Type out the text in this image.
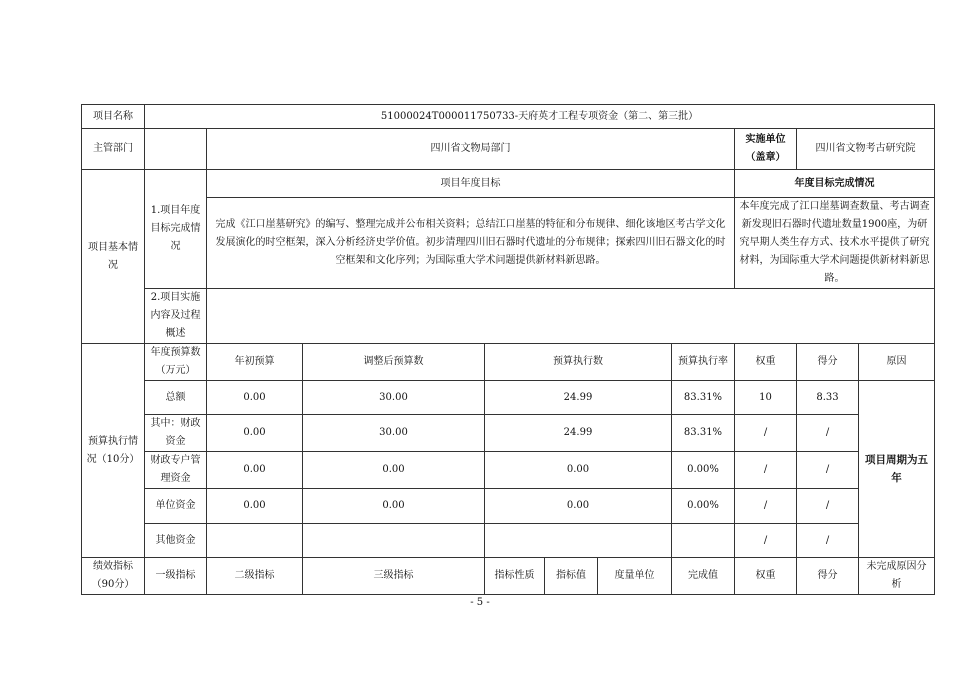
项目名称	51000024T000011750733-天府英才工程专项资金（第二、第三批）									
主管部门		四川省文物局部门						实施单位（盖章）	四川省文物考古研究院	
项目基本情况	1.项目年度目标完成情况	项目年度目标						年度目标完成情况		
		完成《江口崖墓研究》的编写、整理完成并公布相关资料；总结江口崖墓的特征和分布规律、细化该地区考古学文化发展演化的时空框架，深入分析经济史学价值。初步清理四川旧石器时代遗址的分布规律；探索四川旧石器文化的时空框架和文化序列；为国际重大学术问题提供新材料新思路。						本年度完成了江口崖墓调查数量、考古调查新发现旧石器时代遗址数量1900座，为研究早期人类生存方式、技术水平提供了研究材料，为国际重大学术问题提供新材料新思路。		
	2.项目实施内容及过程概述									
预算执行情况（10分）	年度预算数（万元）	年初预算	调整后预算数	预算执行数			预算执行率	权重	得分	原因
	总额	0.00	30.00	24.99			83.31%	10	8.33	项目周期为五年
	其中：财政资金	0.00	30.00	24.99			83.31%	/	/	
	财政专户管理资金	0.00	0.00	0.00			0.00%	/	/	
	单位资金	0.00	0.00	0.00			0.00%	/	/	
	其他资金							/	/	
绩效指标（90分）	一级指标	二级指标	三级指标	指标性质	指标值	度量单位	完成值	权重	得分	未完成原因分析
- 5 -
